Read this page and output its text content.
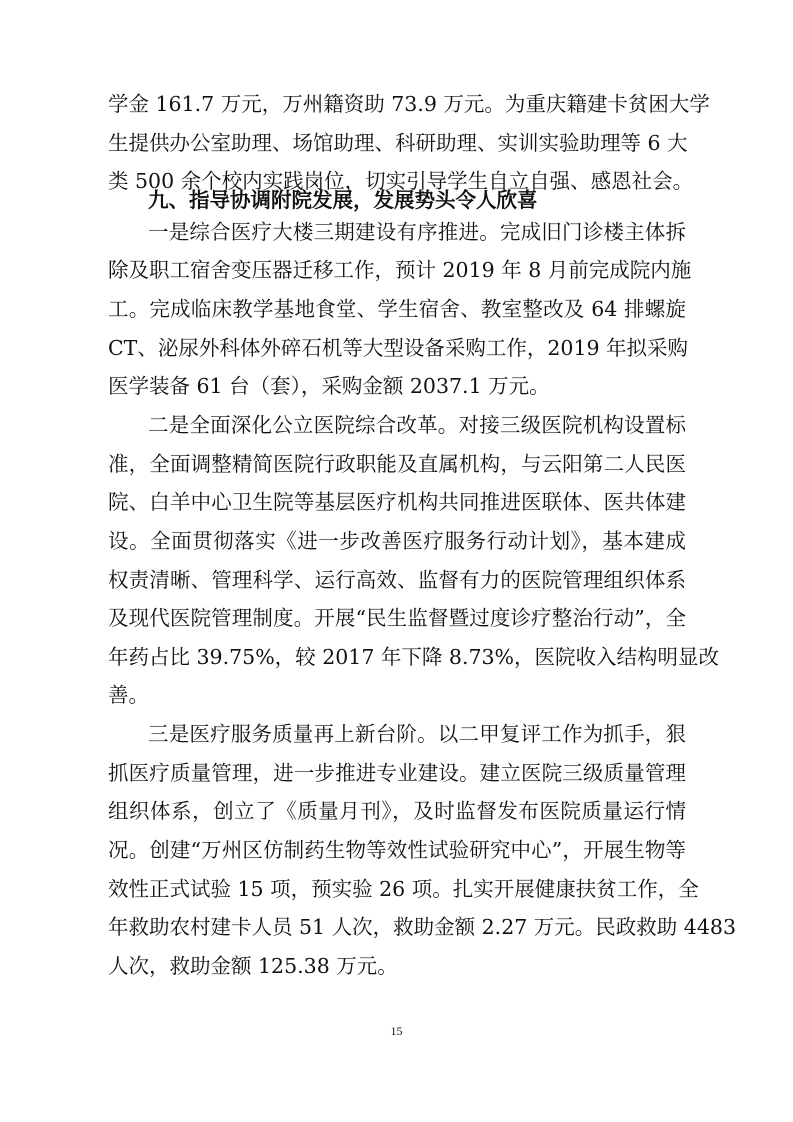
学金 161.7 万元，万州籍资助 73.9 万元。为重庆籍建卡贫困大学
生提供办公室助理、场馆助理、科研助理、实训实验助理等 6 大
类 500 余个校内实践岗位，切实引导学生自立自强、感恩社会。
九、指导协调附院发展，发展势头令人欣喜
一是综合医疗大楼三期建设有序推进。完成旧门诊楼主体拆
除及职工宿舍变压器迁移工作，预计 2019 年 8 月前完成院内施
工。完成临床教学基地食堂、学生宿舍、教室整改及 64 排螺旋
CT、泌尿外科体外碎石机等大型设备采购工作，2019 年拟采购
医学装备 61 台（套），采购金额 2037.1 万元。
二是全面深化公立医院综合改革。对接三级医院机构设置标
准，全面调整精简医院行政职能及直属机构，与云阳第二人民医
院、白羊中心卫生院等基层医疗机构共同推进医联体、医共体建
设。全面贯彻落实《进一步改善医疗服务行动计划》，基本建成
权责清晰、管理科学、运行高效、监督有力的医院管理组织体系
及现代医院管理制度。开展“民生监督暨过度诊疗整治行动”，全
年药占比 39.75%，较 2017 年下降 8.73%，医院收入结构明显改
善。
三是医疗服务质量再上新台阶。以二甲复评工作为抓手，狠
抓医疗质量管理，进一步推进专业建设。建立医院三级质量管理
组织体系，创立了《质量月刊》，及时监督发布医院质量运行情
况。创建“万州区仿制药生物等效性试验研究中心”，开展生物等
效性正式试验 15 项，预实验 26 项。扎实开展健康扶贫工作，全
年救助农村建卡人员 51 人次，救助金额 2.27 万元。民政救助 4483
人次，救助金额 125.38 万元。
15
